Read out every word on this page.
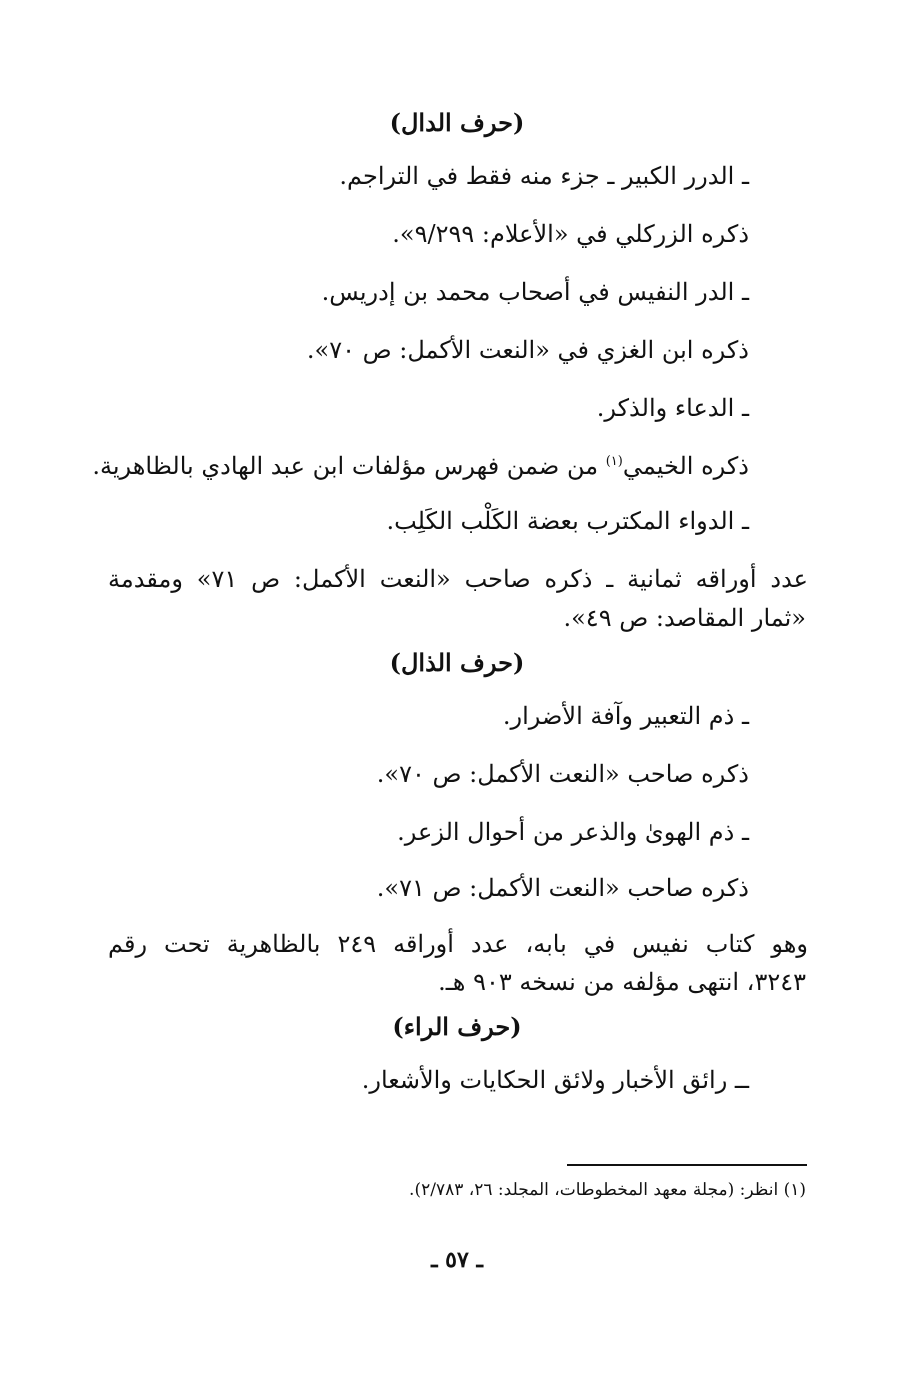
(حرف الدال)
ـ الدرر الكبير ـ جزء منه فقط في التراجم.
ذكره الزركلي في «الأعلام: ٩/٢٩٩».
ـ الدر النفيس في أصحاب محمد بن إدريس.
ذكره ابن الغزي في «النعت الأكمل: ص ٧٠».
ـ الدعاء والذكر.
ذكره الخيمي$^{(١)}$ من ضمن فهرس مؤلفات ابن عبد الهادي بالظاهرية.
ـ الدواء المكترب بعضة الكَلْب الكَلِب.
عدد أوراقه ثمانية ـ ذكره صاحب «النعت الأكمل: ص ٧١» ومقدمة
«ثمار المقاصد: ص ٤٩».
(حرف الذال)
ـ ذم التعبير وآفة الأضرار.
ذكره صاحب «النعت الأكمل: ص ٧٠».
ـ ذم الهوىٰ والذعر من أحوال الزعر.
ذكره صاحب «النعت الأكمل: ص ٧١».
وهو كتاب نفيس في بابه، عدد أوراقه ٢٤٩ بالظاهرية تحت رقم
٣٢٤٣، انتهى مؤلفه من نسخه ٩٠٣ هـ.
(حرف الراء)
ــ رائق الأخبار ولائق الحكايات والأشعار.
(١) انظر: (مجلة معهد المخطوطات، المجلد: ٢٦، ٢/٧٨٣).
ـ ٥٧ ـ
